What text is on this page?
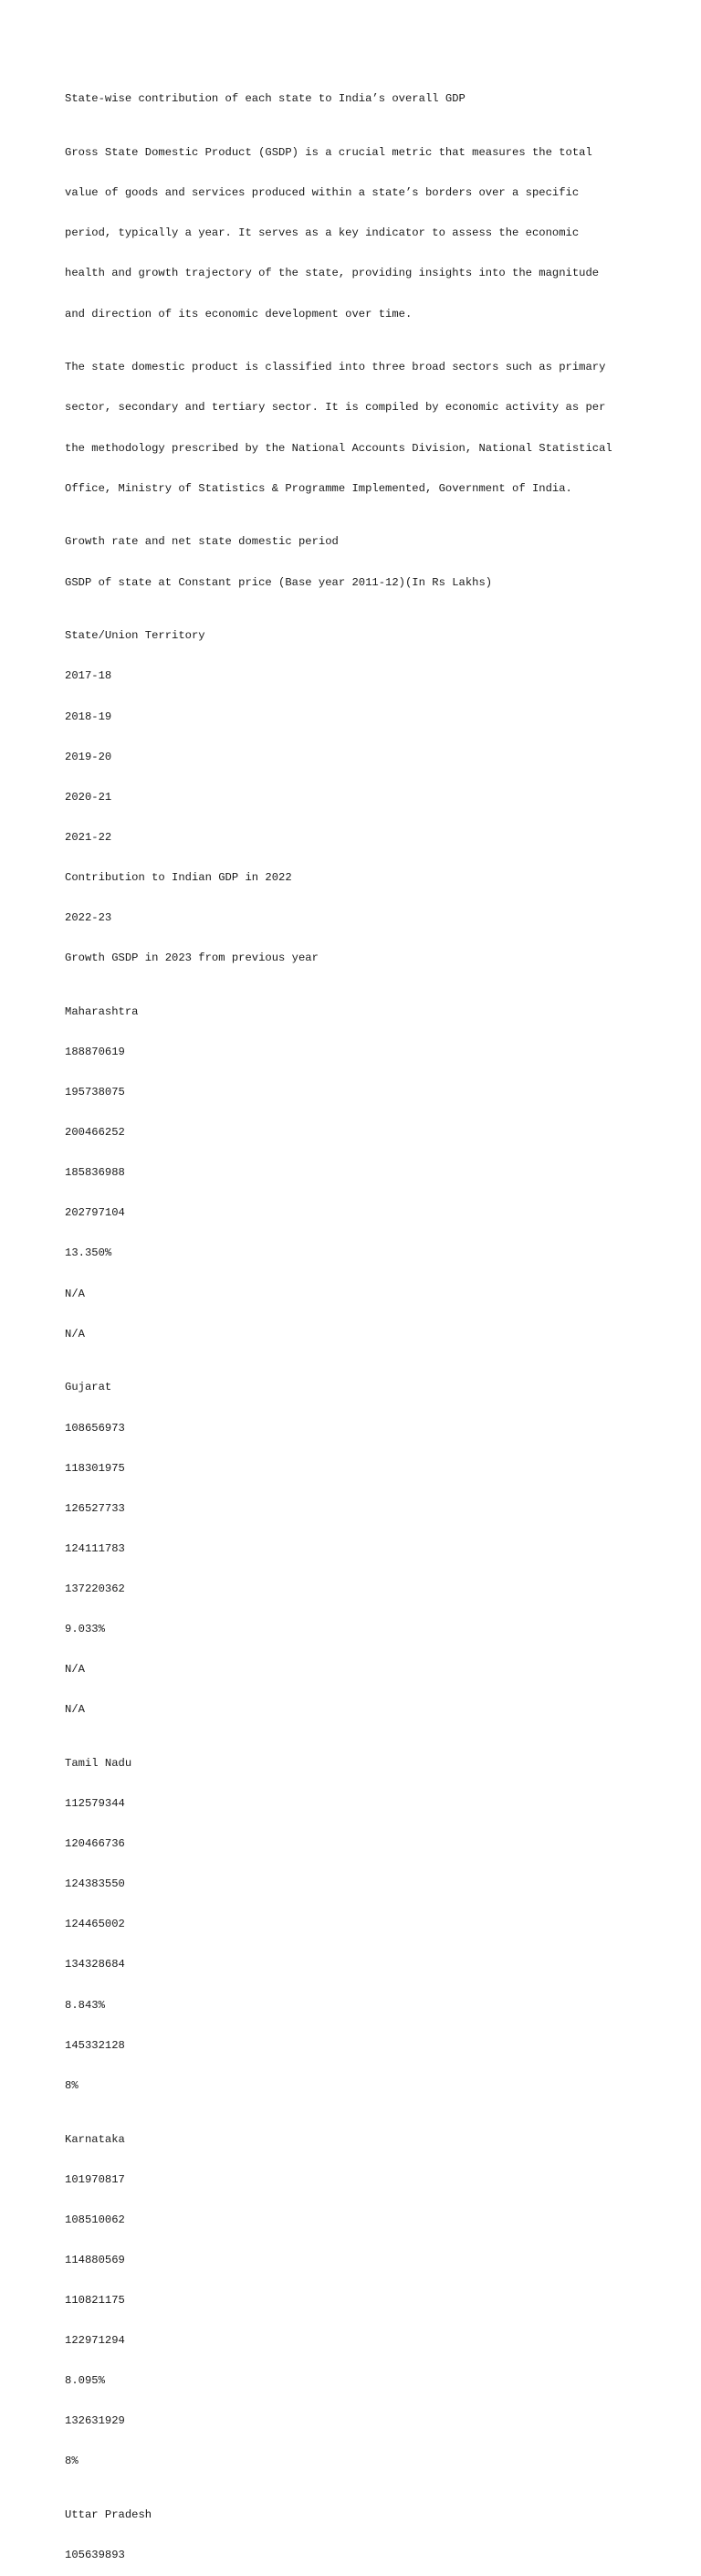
State-wise contribution of each state to India’s overall GDP

Gross State Domestic Product (GSDP) is a crucial metric that measures the total

value of goods and services produced within a state’s borders over a specific

period, typically a year. It serves as a key indicator to assess the economic

health and growth trajectory of the state, providing insights into the magnitude

and direction of its economic development over time.

The state domestic product is classified into three broad sectors such as primary

sector, secondary and tertiary sector. It is compiled by economic activity as per

the methodology prescribed by the National Accounts Division, National Statistical

Office, Ministry of Statistics & Programme Implemented, Government of India.

Growth rate and net state domestic period

GSDP of state at Constant price (Base year 2011-12)(In Rs Lakhs)

State/Union Territory

2017-18

2018-19

2019-20

2020-21

2021-22

Contribution to Indian GDP in 2022

2022-23

Growth GSDP in 2023 from previous year

Maharashtra

188870619

195738075

200466252

185836988

202797104

13.350%

N/A

N/A

Gujarat

108656973

118301975

126527733

124111783

137220362

9.033%

N/A

N/A

Tamil Nadu

112579344

120466736

124383550

124465002

134328684

8.843%

145332128

8%

Karnataka

101970817

108510062

114880569

110821175

122971294

8.095%

132631929

8%

Uttar Pradesh

105639893
